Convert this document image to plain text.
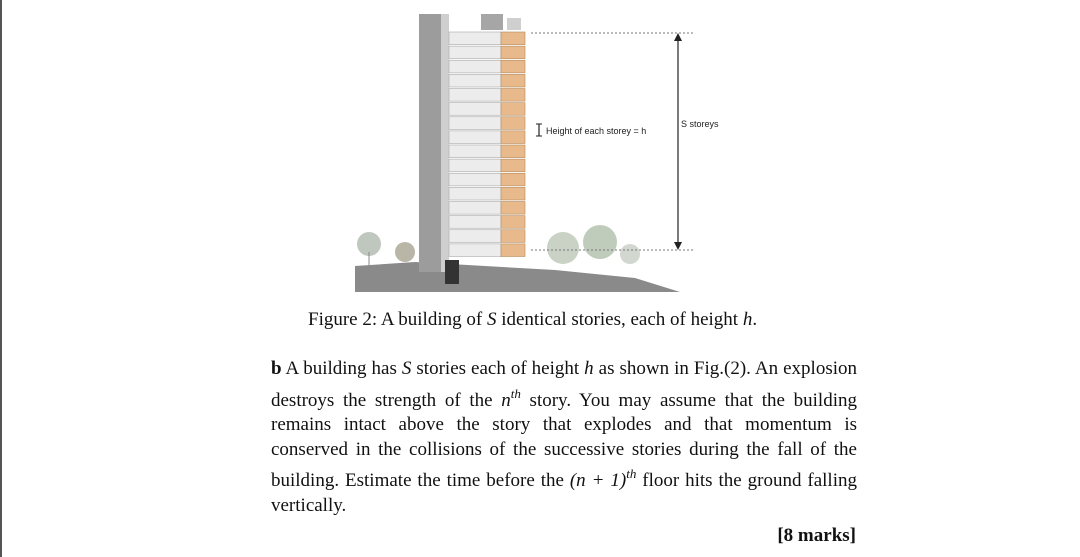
Height of each storey = h
S storeys
Figure 2: A building of S identical stories, each of height h.
b A building has S stories each of height h as shown in Fig.(2). An explosion destroys the strength of the $n^{th}$ story. You may assume that the building remains intact above the story that explodes and that momentum is conserved in the collisions of the successive stories during the fall of the building. Estimate the time before the $(n + 1)^{th}$ floor hits the ground falling vertically.
[8 marks]
